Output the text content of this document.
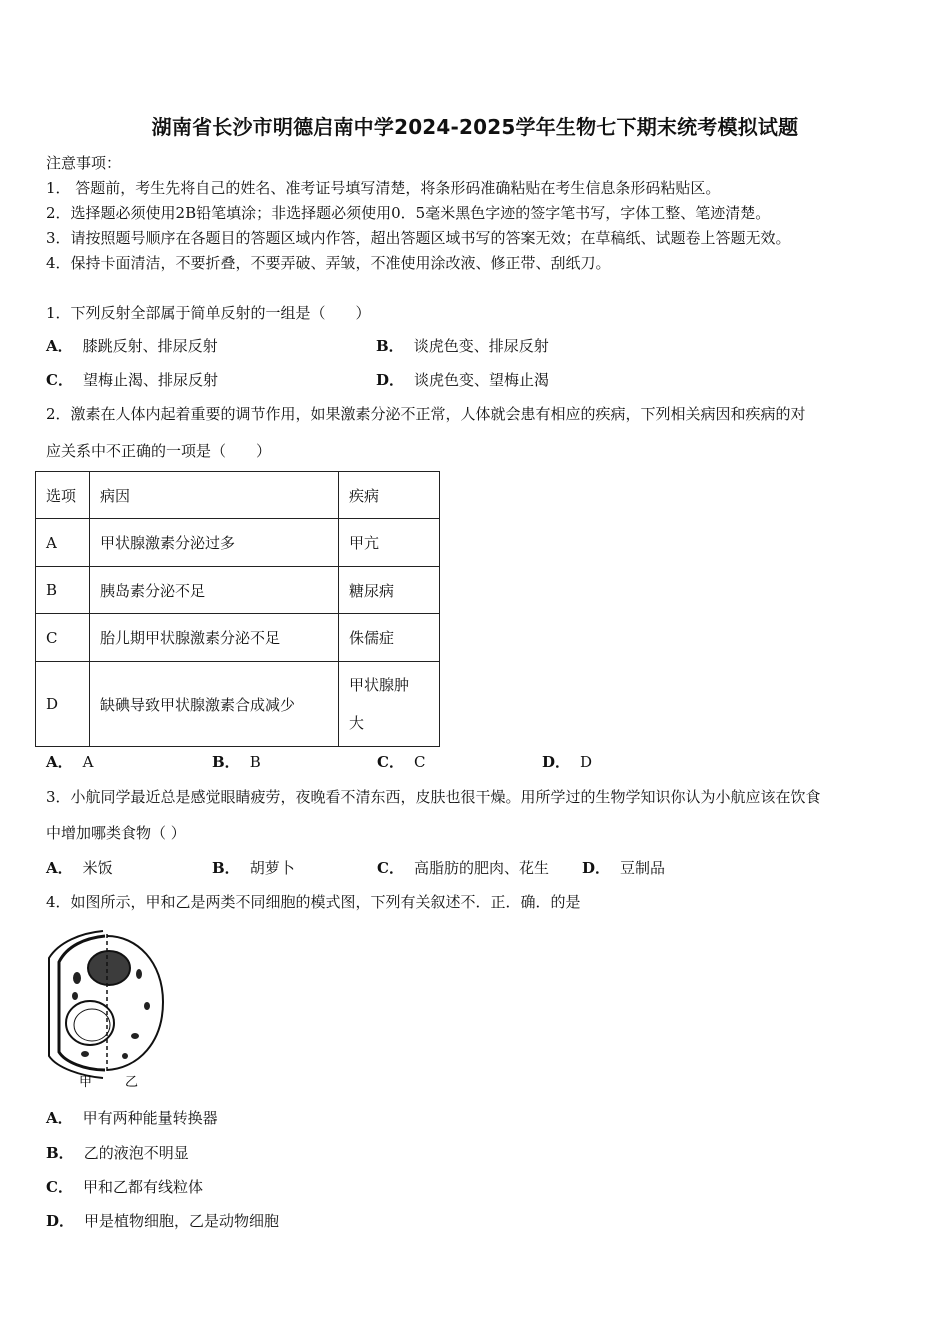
湖南省长沙市明德启南中学2024-2025学年生物七下期末统考模拟试题
注意事项：
1． 答题前，考生先将自己的姓名、准考证号填写清楚，将条形码准确粘贴在考生信息条形码粘贴区。
2．选择题必须使用2B铅笔填涂；非选择题必须使用0．5毫米黑色字迹的签字笔书写，字体工整、笔迹清楚。
3．请按照题号顺序在各题目的答题区域内作答，超出答题区域书写的答案无效；在草稿纸、试题卷上答题无效。
4．保持卡面清洁，不要折叠，不要弄破、弄皱，不准使用涂改液、修正带、刮纸刀。
1．下列反射全部属于简单反射的一组是（　　）
A． 膝跳反射、排尿反射	B． 谈虎色变、排尿反射
C． 望梅止渴、排尿反射	D． 谈虎色变、望梅止渴
2．激素在人体内起着重要的调节作用，如果激素分泌不正常，人体就会患有相应的疾病，下列相关病因和疾病的对
应关系中不正确的一项是（　　）
选项	病因	疾病
A	甲状腺激素分泌过多	甲亢
B	胰岛素分泌不足	糖尿病
C	胎儿期甲状腺激素分泌不足	侏儒症
D	缺碘导致甲状腺激素合成减少	甲状腺肿
大
A． A	B． B	C． C	D． D
3．小航同学最近总是感觉眼睛疲劳，夜晚看不清东西，皮肤也很干燥。用所学过的生物学知识你认为小航应该在饮食
中增加哪类食物（ ）
A． 米饭	B． 胡萝卜	C． 高脂肪的肥肉、花生 D． 豆制品
4．如图所示，甲和乙是两类不同细胞的模式图，下列有关叙述不．正．确．的是
甲	乙
A． 甲有两种能量转换器
B． 乙的液泡不明显
C． 甲和乙都有线粒体
D． 甲是植物细胞，乙是动物细胞
